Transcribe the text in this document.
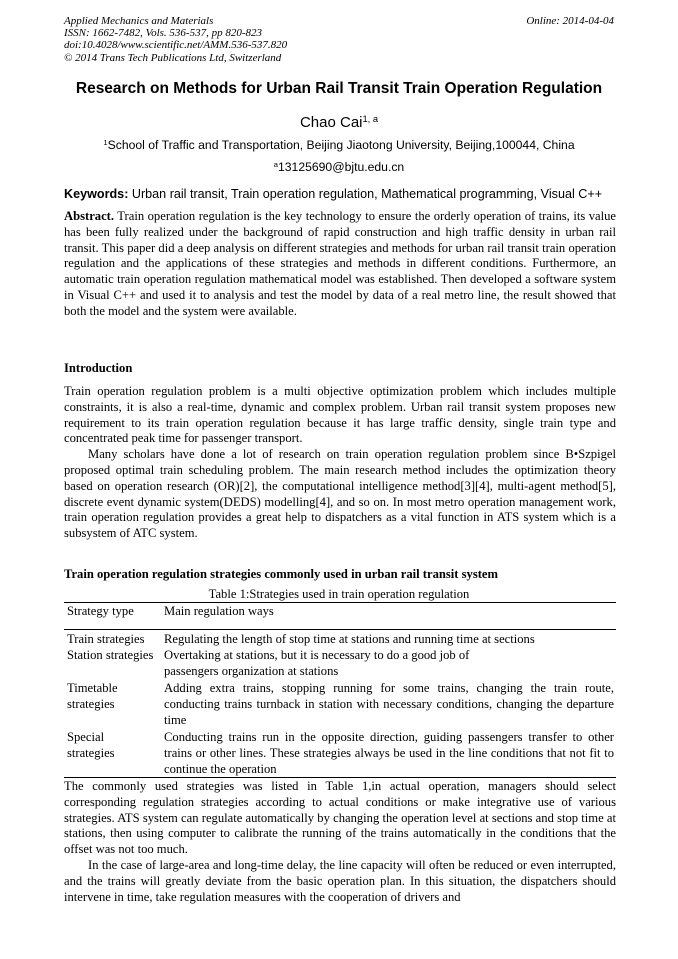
Applied Mechanics and Materials
ISSN: 1662-7482, Vols. 536-537, pp 820-823
doi:10.4028/www.scientific.net/AMM.536-537.820
© 2014 Trans Tech Publications Ltd, Switzerland
Online: 2014-04-04
Research on Methods for Urban Rail Transit Train Operation Regulation
Chao Cai$^{1, a}$
$^1$School of Traffic and Transportation, Beijing Jiaotong University, Beijing,100044, China
$^a$13125690@bjtu.edu.cn
Keywords: Urban rail transit, Train operation regulation, Mathematical programming, Visual C++

Abstract. Train operation regulation is the key technology to ensure the orderly operation of trains, its value has been fully realized under the background of rapid construction and high traffic density in urban rail transit. This paper did a deep analysis on different strategies and methods for urban rail transit train operation regulation and the applications of these strategies and methods in different conditions. Furthermore, an automatic train operation regulation mathematical model was established. Then developed a software system in Visual C++ and used it to analysis and test the model by data of a real metro line, the result showed that both the model and the system were available.

Introduction

Train operation regulation problem is a multi objective optimization problem which includes multiple constraints, it is also a real-time, dynamic and complex problem. Urban rail transit system proposes new requirement to its train operation regulation because it has large traffic density, single train type and concentrated peak time for passenger transport.

Many scholars have done a lot of research on train operation regulation problem since B•Szpigel proposed optimal train scheduling problem. The main research method includes the optimization theory based on operation research (OR)[2], the computational intelligence method[3][4], multi-agent method[5], discrete event dynamic system(DEDS) modelling[4], and so on. In most metro operation management work, train operation regulation provides a great help to dispatchers as a vital function in ATS system which is a subsystem of ATC system.

Train operation regulation strategies commonly used in urban rail transit system
Table 1:Strategies used in train operation regulation
Strategy type	Main regulation ways
Train strategies	Regulating the length of stop time at stations and running time at sections
Station strategies Overtaking at stations, but it is necessary to do a good job of passengers organization at stations
Timetable strategies
Adding extra trains, stopping running for some trains, changing the train route, conducting trains turnback in station with necessary conditions, changing the departure time
Special strategies
Conducting trains run in the opposite direction, guiding passengers transfer to other trains or other lines. These strategies always be used in the line conditions that not fit to continue the operation

The commonly used strategies was listed in Table 1,in actual operation, managers should select corresponding regulation strategies according to actual conditions or make integrative use of various strategies. ATS system can regulate automatically by changing the operation level at sections and stop time at stations, then using computer to calibrate the running of the trains automatically in the conditions that the offset was not too much.

In the case of large-area and long-time delay, the line capacity will often be reduced or even interrupted, and the trains will greatly deviate from the basic operation plan. In this situation, the dispatchers should intervene in time, take regulation measures with the cooperation of drivers and
